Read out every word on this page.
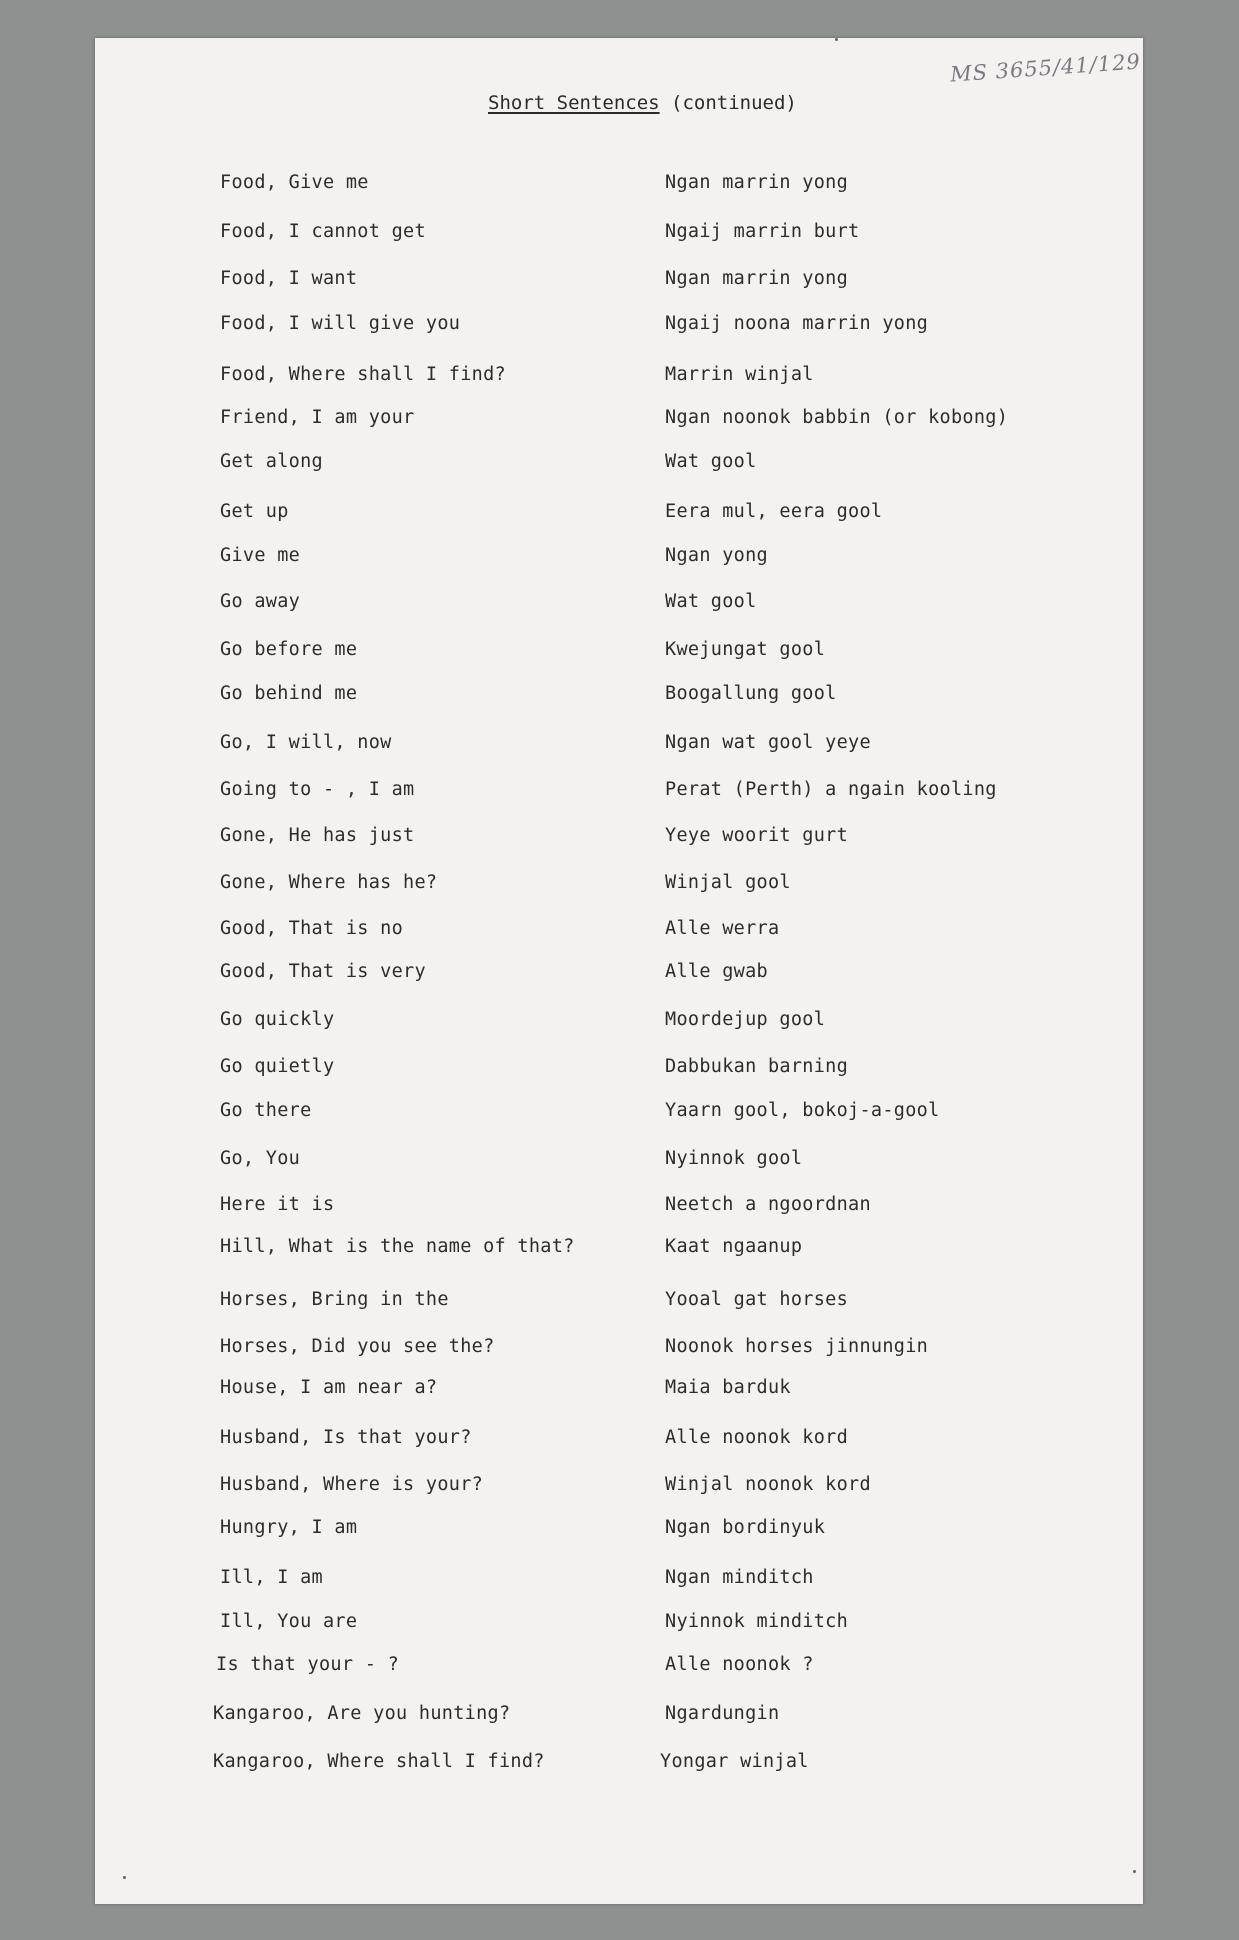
MS 3655/41/129
Short Sentences (continued)
Food, Give me	Ngan marrin yong
Food, I cannot get	Ngaij marrin burt
Food, I want	Ngan marrin yong
Food, I will give you	Ngaij noona marrin yong
Food, Where shall I find?	Marrin winjal
Friend, I am your	Ngan noonok babbin (or kobong)
Get along	Wat gool
Get up	Eera mul, eera gool
Give me	Ngan yong
Go away	Wat gool
Go before me	Kwejungat gool
Go behind me	Boogallung gool
Go, I will, now	Ngan wat gool yeye
Going to - , I am	Perat (Perth) a ngain kooling
Gone, He has just	Yeye woorit gurt
Gone, Where has he?	Winjal gool
Good, That is no	Alle werra
Good, That is very	Alle gwab
Go quickly	Moordejup gool
Go quietly	Dabbukan barning
Go there	Yaarn gool, bokoj-a-gool
Go, You	Nyinnok gool
Here it is	Neetch a ngoordnan
Hill, What is the name of that?	Kaat ngaanup
Horses, Bring in the	Yooal gat horses
Horses, Did you see the?	Noonok horses jinnungin
House, I am near a?	Maia barduk
Husband, Is that your?	Alle noonok kord
Husband, Where is your?	Winjal noonok kord
Hungry, I am	Ngan bordinyuk
Ill, I am	Ngan minditch
Ill, You are	Nyinnok minditch
Is that your - ?	Alle noonok ?
Kangaroo, Are you hunting?	Ngardungin
Kangaroo, Where shall I find?	Yongar winjal
